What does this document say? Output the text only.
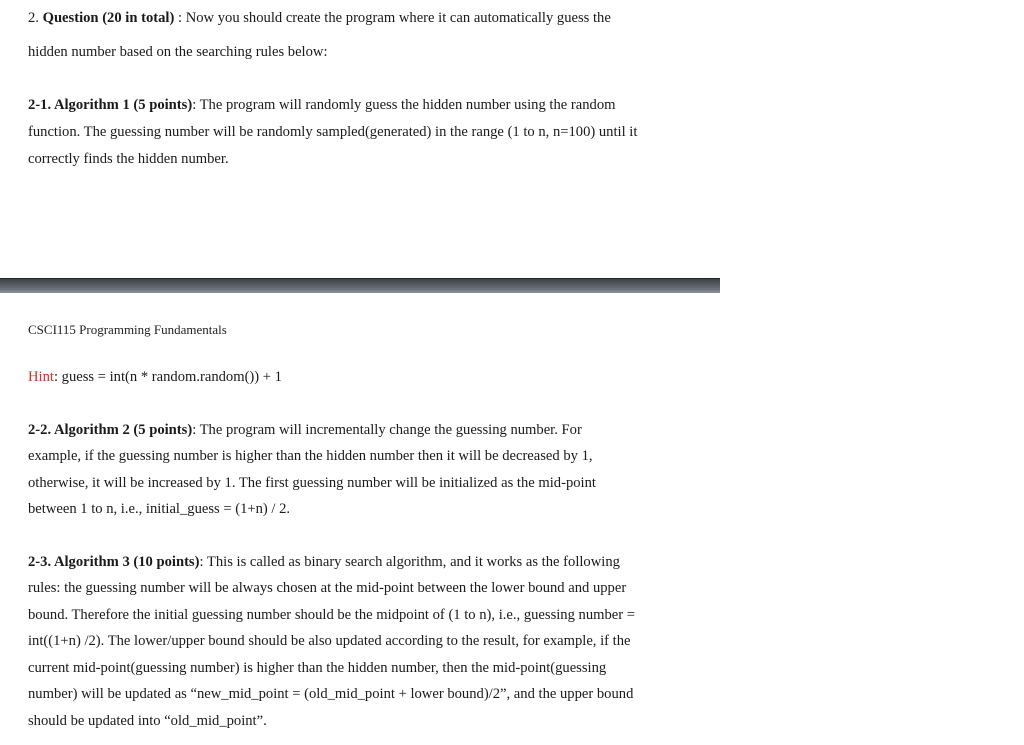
2. Question (20 in total) : Now you should create the program where it can automatically guess the
hidden number based on the searching rules below:
2-1. Algorithm 1 (5 points): The program will randomly guess the hidden number using the random
function. The guessing number will be randomly sampled(generated) in the range (1 to n, n=100) until it
correctly finds the hidden number.
CSCI115 Programming Fundamentals
Hint: guess = int(n * random.random()) + 1
2-2. Algorithm 2 (5 points): The program will incrementally change the guessing number. For
example, if the guessing number is higher than the hidden number then it will be decreased by 1,
otherwise, it will be increased by 1. The first guessing number will be initialized as the mid-point
between 1 to n, i.e., initial_guess = (1+n) / 2.
2-3. Algorithm 3 (10 points): This is called as binary search algorithm, and it works as the following
rules: the guessing number will be always chosen at the mid-point between the lower bound and upper
bound. Therefore the initial guessing number should be the midpoint of (1 to n), i.e., guessing number =
int((1+n) /2). The lower/upper bound should be also updated according to the result, for example, if the
current mid-point(guessing number) is higher than the hidden number, then the mid-point(guessing
number) will be updated as “new_mid_point = (old_mid_point + lower bound)/2”, and the upper bound
should be updated into “old_mid_point”.
